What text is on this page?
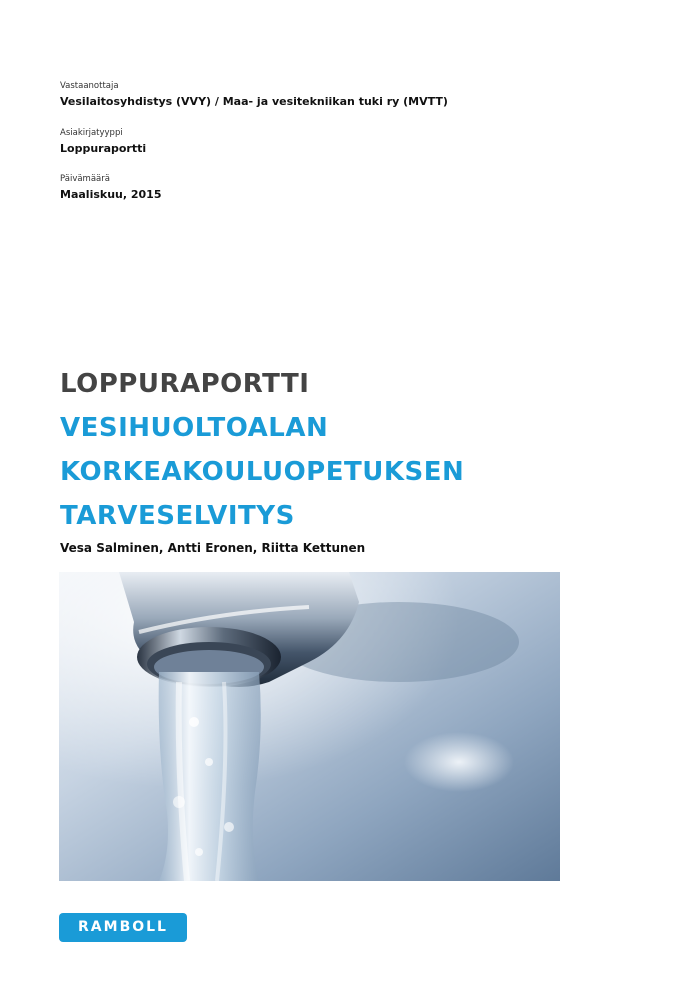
Vastaanottaja
Vesilaitosyhdistys (VVY) / Maa- ja vesitekniikan tuki ry (MVTT)
Asiakirjatyyppi
Loppuraportti
Päivämäärä
Maaliskuu, 2015
LOPPURAPORTTI
VESIHUOLTOALAN
KORKEAKOULUOPETUKSEN
TARVESELVITYS
Vesa Salminen, Antti Eronen, Riitta Kettunen
RAMBOLL
